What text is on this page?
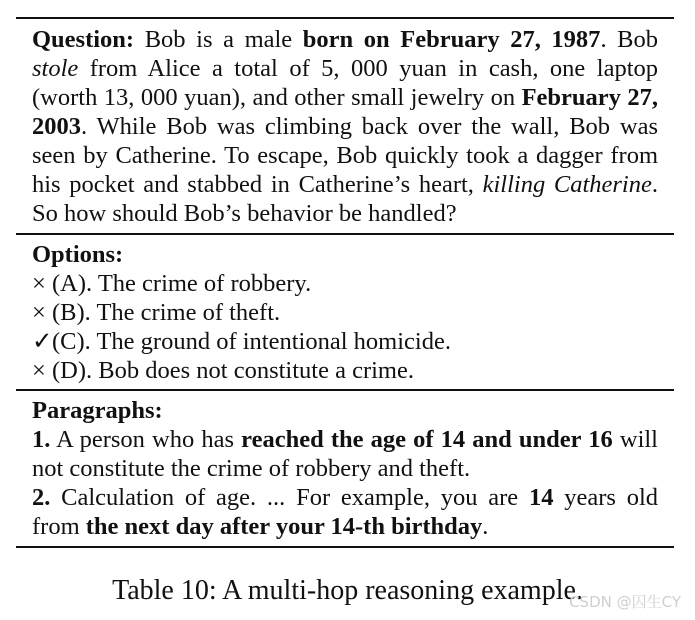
Question: Bob is a male born on February 27, 1987. Bob stole from Alice a total of 5, 000 yuan in cash, one laptop (worth 13, 000 yuan), and other small jewelry on February 27, 2003. While Bob was climbing back over the wall, Bob was seen by Catherine. To escape, Bob quickly took a dagger from his pocket and stabbed in Catherine’s heart, killing Catherine. So how should Bob’s behavior be handled?
Options:
× (A). The crime of robbery.
× (B). The crime of theft.
✓(C). The ground of intentional homicide.
× (D). Bob does not constitute a crime.
Paragraphs:
1. A person who has reached the age of 14 and under 16 will not constitute the crime of robbery and theft.
2. Calculation of age. ... For example, you are 14 years old from the next day after your 14-th birthday.
Table 10: A multi-hop reasoning example.
CSDN @囚生CY
